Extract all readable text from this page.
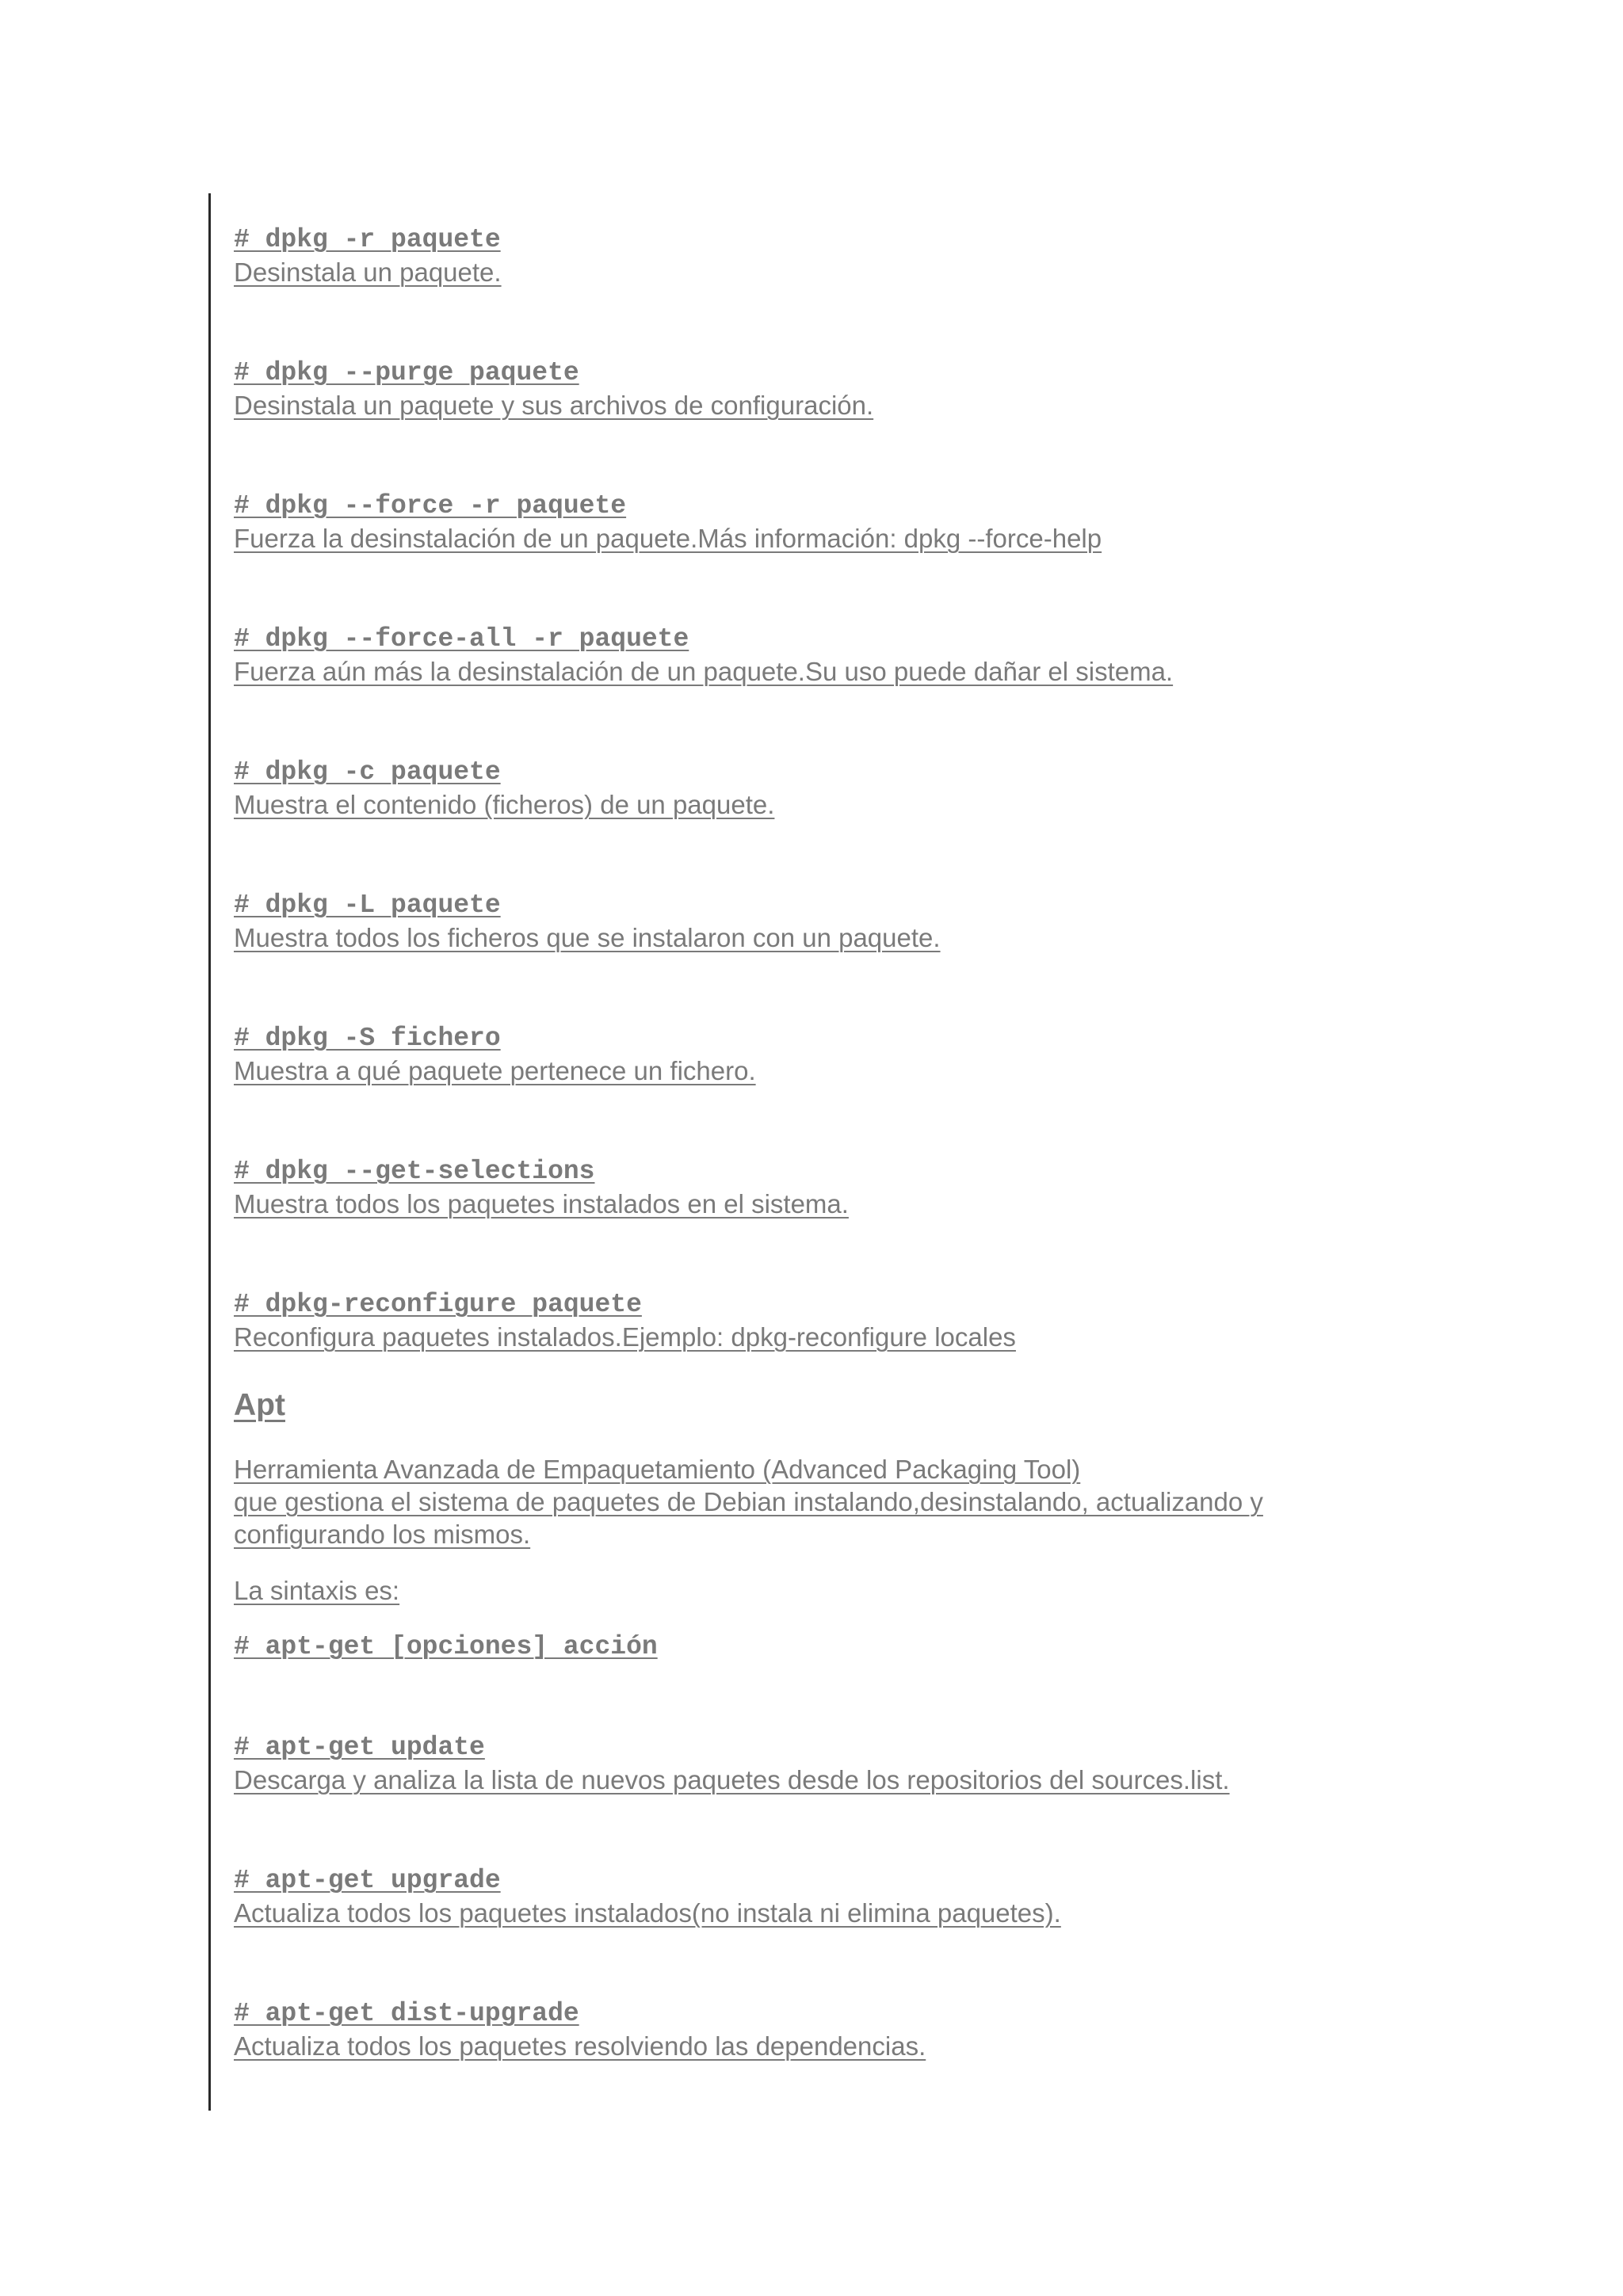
# dpkg -r paquete
Desinstala un paquete.
# dpkg --purge paquete
Desinstala un paquete y sus archivos de configuración.
# dpkg --force -r paquete
Fuerza la desinstalación de un paquete.Más información: dpkg --force-help
# dpkg --force-all -r paquete
Fuerza aún más la desinstalación de un paquete.Su uso puede dañar el sistema.
# dpkg -c paquete
Muestra el contenido (ficheros) de un paquete.
# dpkg -L paquete
Muestra todos los ficheros que se instalaron con un paquete.
# dpkg -S fichero
Muestra a qué paquete pertenece un fichero.
# dpkg --get-selections
Muestra todos los paquetes instalados en el sistema.
# dpkg-reconfigure paquete
Reconfigura paquetes instalados.Ejemplo: dpkg-reconfigure locales
Apt
Herramienta Avanzada de Empaquetamiento (Advanced Packaging Tool)
que gestiona el sistema de paquetes de Debian instalando,desinstalando, actualizando y
configurando los mismos.
La sintaxis es:
# apt-get [opciones] acción
# apt-get update
Descarga y analiza la lista de nuevos paquetes desde los repositorios del sources.list.
# apt-get upgrade
Actualiza todos los paquetes instalados(no instala ni elimina paquetes).
# apt-get dist-upgrade
Actualiza todos los paquetes resolviendo las dependencias.
